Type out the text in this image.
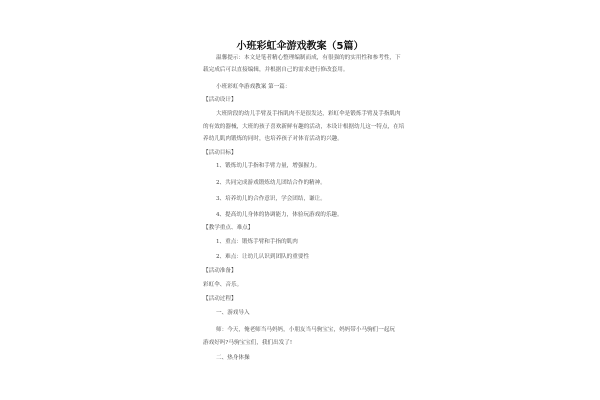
小班彩虹伞游戏教案（5篇）
温馨提示：本文是笔者精心整理编制而成，有很强的的实用性和参考性，下
载完成后可以直接编辑，并根据自己的需求进行修改套用。
小班彩虹伞游戏教案 第一篇：
【活动设计】
大班阶段的幼儿手臂及手指肌肉不是很发达，彩虹伞是锻炼手臂及手指肌肉
的有效的器械，大班的孩子喜欢新鲜有趣的活动，本设计根据幼儿这一特点，在培
养幼儿肌肉锻炼的同时，也培养孩子对体育活动的兴趣。
【活动目标】
1、锻炼幼儿手指和手臂力量，增强握力。
2、共同完成游戏锻炼幼儿团结合作的精神。
3、培养幼儿的合作意识，学会团结，谦让。
4、提高幼儿身体的协调能力，体验玩游戏的乐趣。
【教学重点、难点】
1、重点：锻炼手臂和手指的肌肉
2、难点：让幼儿认识到团队的重要性
【活动准备】
彩虹伞、音乐。
【活动过程】
一、游戏导入
师：今天，俺老师当马妈妈，小朋友当马驹宝宝，妈妈带小马驹们一起玩
游戏好吗?马驹宝宝们，我们出发了!
二、热身体操
